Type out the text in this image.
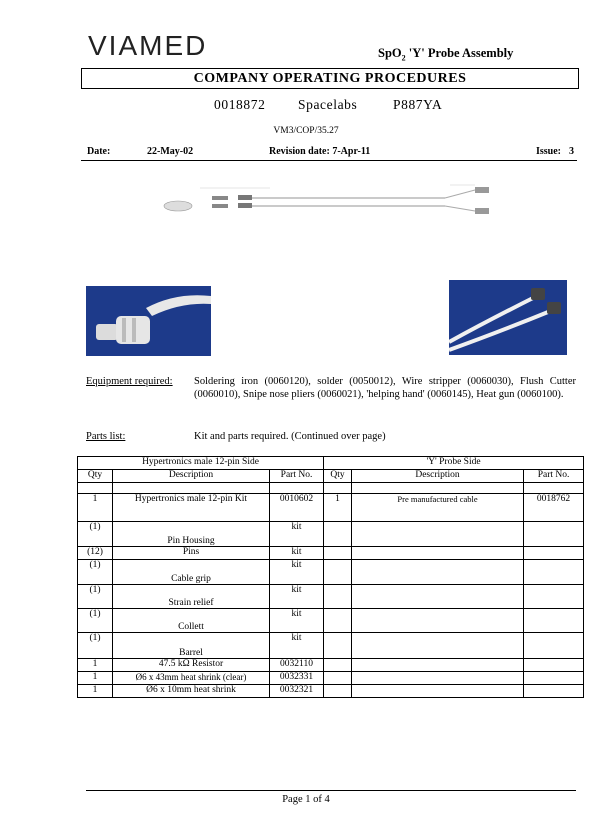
VIAMED	SpO$_2$ 'Y' Probe Assembly
COMPANY OPERATING PROCEDURES
0018872 Spacelabs	P887YA
VM3/COP/35.27
Date:	22-May-02	Revision date: 7-Apr-11	Issue: 3
Equipment required: Soldering iron (0060120), solder (0050012), Wire stripper (0060030), Flush Cutter (0060010), Snipe nose pliers (0060021), 'helping hand' (0060145), Heat gun (0060100).
Parts list:	Kit and parts required. (Continued over page)
Hypertronics male 12-pin Side			'Y' Probe Side		
Qty	Description	Part No.	Qty	Description	Part No.

1	Hypertronics male 12-pin Kit	0010602	1	Pre manufactured cable	0018762
(1)	Pin Housing	kit			
(12)	Pins	kit			
(1)	Cable grip	kit			
(1)	Strain relief	kit			
(1)	Collett	kit			
(1)	Barrel	kit			
1	47.5 kΩ Resistor	0032110			
1	Ø6 x 43mm heat shrink (clear)	0032331			
1	Ø6 x 10mm heat shrink	0032321			
Page 1 of 4
